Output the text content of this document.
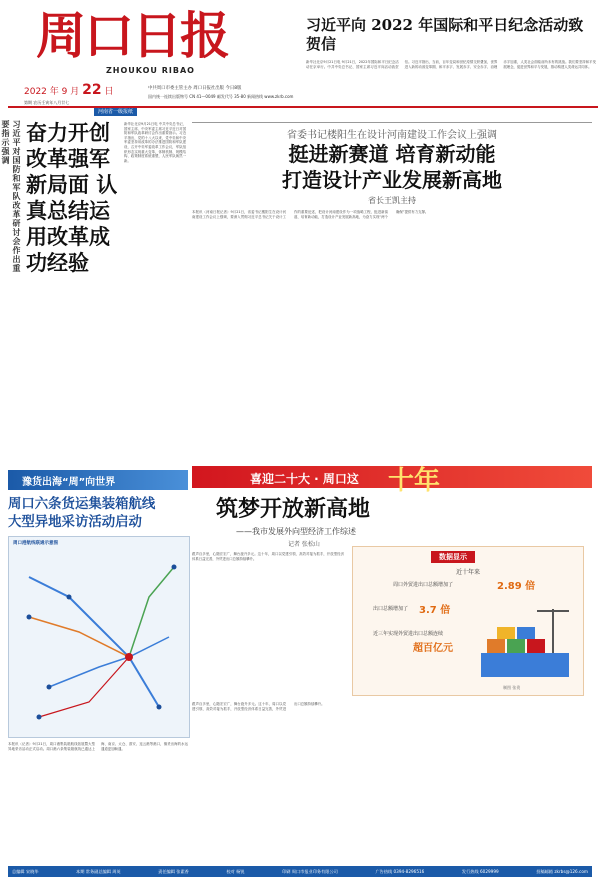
周口日报
ZHOUKOU RIBAO
2022 年 9 月 22 日
第期 农历壬寅年八月廿七
中共周口市委主管主办 周口日报社出版 今日8版
国内统一连续出版物号 CN 41—0049 邮发代号 35-80 新闻热线 www.zkrb.com
河南省一级报纸
习近平向 2022 年国际和平日纪念活动致贺信
新华社北京9月21日电 9月21日，2022年国际和平日纪念活动在京举行。中共中央总书记、国家主席习近平向活动致贺信。习近平指出，当前，百年变局和世纪疫情交织叠加，世界进入新的动荡变革期，和平赤字、发展赤字、安全赤字、治理赤字加重，人类社会面临前所未有的挑战。我们要坚持和平发展理念，促进世界和平与发展，推动构建人类命运共同体。
习近平对国防和军队改革研讨会作出重要指示强调 奋力开创改革强军新局面 认真总结运用改革成功经验
新华社北京9月21日电 中共中央总书记、国家主席、中央军委主席习近平近日对国防和军队改革研讨会作出重要指示。习近平指出，党的十八大以来，党中央和中央军委坚持用改革的办法推进国防和军队建设，召开中央军委改革工作会议，军队组织形态实现重大变革，体制机制、规模结构、政策制度系统重塑，人民军队焕然一新。
省委书记楼阳生在设计河南建设工作会议上强调
挺进新赛道 培育新动能
打造设计产业发展新高地
省长王凯主持
本报讯（河南日报记者）9月21日，省委书记楼阳生在设计河南建设工作会议上强调，要深入贯彻习近平总书记关于设计工作的重要论述，把设计河南建设作为一项战略工程，挺进新赛道、培育新动能，打造设计产业发展新高地，为奋力实现“两个确保”提供有力支撑。
豫货出海“周”向世界
周口六条货运集装箱航线
大型异地采访活动启动
周口港航线联通示意图
本报讯（记者）9月21日，周口港集装箱航线拓展暨大型异地采访活动正式启动。周口港六条集装箱航线已通达上海、南京、太仓、淮安、连云港等港口，豫货出海的水运通道更加畅通。
喜迎二十大 · 周口这 十年
筑梦开放新高地
——我市发展外向型经济工作综述
记者 张松山
数据显示
近十年来
周口外贸进出口总额增加了	2.89 倍
出口总额增加了 3.7 倍
近三年实现外贸进出口总额连续
超百亿元
制图 张贵
跟声百多里，心随宏宏广，舞台旋升多元。这十年，周口以党建引领、高效对接为抓手，开放型经济体系日益完善，外贸进出口总额持续攀升。
跟声百多里，心随宏宏广，舞台旋升多元。这十年，周口以党建引领、高效对接为抓手，开放型经济体系日益完善，外贸进出口总额持续攀升。
总编辑 宋晓华	本期 常务副总编辑 周英	责任编辑 张素香	校对 杨锐	印刷 周口市报业印务有限公司	广告热线 0394-8296516	发行热线 6029999	投稿邮箱 zkrbs@126.com
